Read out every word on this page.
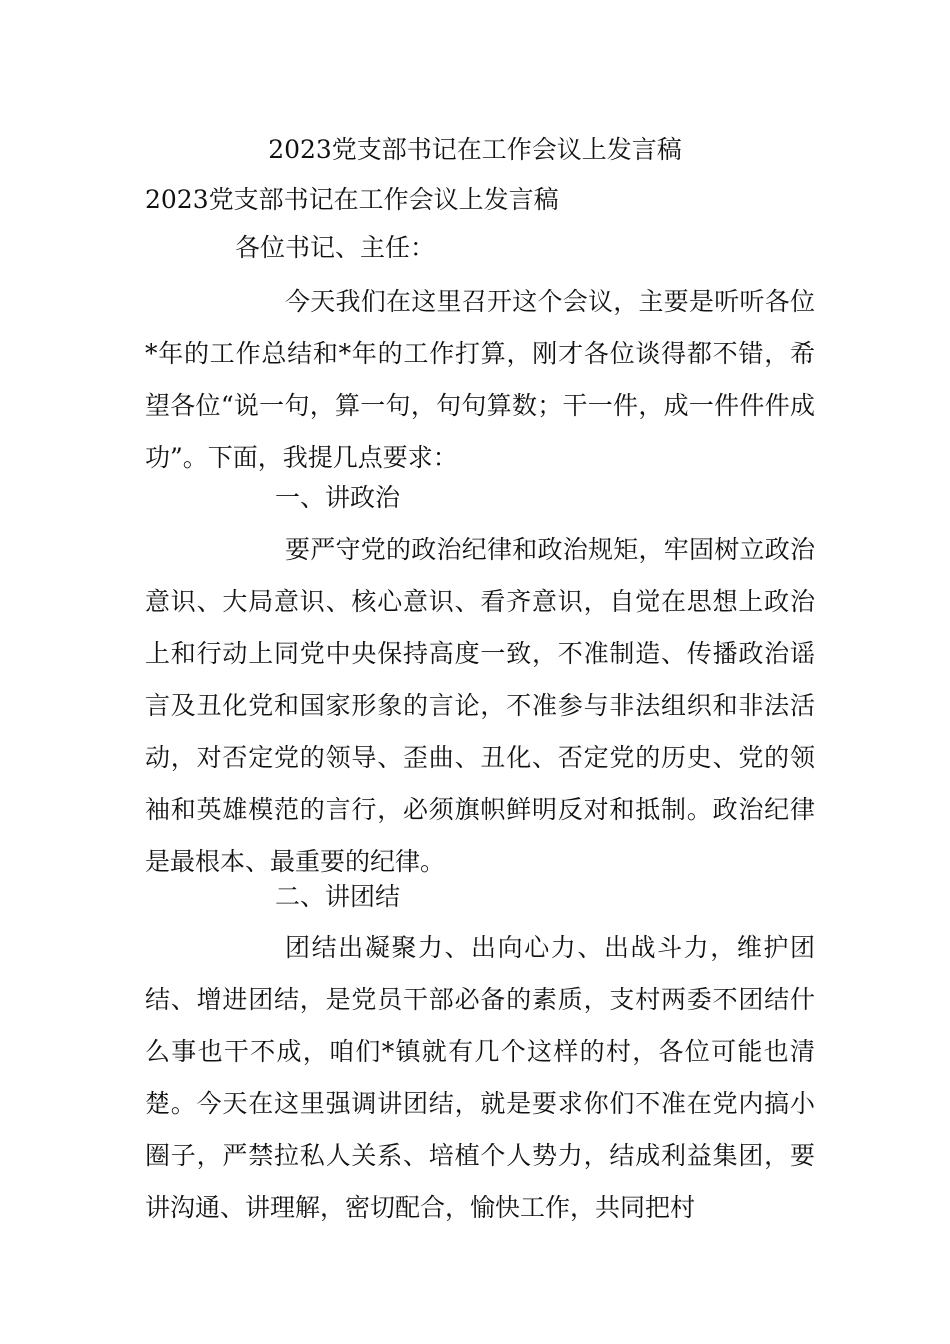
2023党支部书记在工作会议上发言稿
2023党支部书记在工作会议上发言稿
各位书记、主任：
今天我们在这里召开这个会议，主要是听听各位*年的工作总结和*年的工作打算，刚才各位谈得都不错，希望各位“说一句，算一句，句句算数；干一件，成一件件件成功”。下面，我提几点要求：
一、讲政治
要严守党的政治纪律和政治规矩，牢固树立政治意识、大局意识、核心意识、看齐意识，自觉在思想上政治上和行动上同党中央保持高度一致，不准制造、传播政治谣言及丑化党和国家形象的言论，不准参与非法组织和非法活动，对否定党的领导、歪曲、丑化、否定党的历史、党的领袖和英雄模范的言行，必须旗帜鲜明反对和抵制。政治纪律是最根本、最重要的纪律。
二、讲团结
团结出凝聚力、出向心力、出战斗力，维护团结、增进团结，是党员干部必备的素质，支村两委不团结什么事也干不成，咱们*镇就有几个这样的村，各位可能也清楚。今天在这里强调讲团结，就是要求你们不准在党内搞小圈子，严禁拉私人关系、培植个人势力，结成利益集团，要讲沟通、讲理解，密切配合，愉快工作，共同把村
